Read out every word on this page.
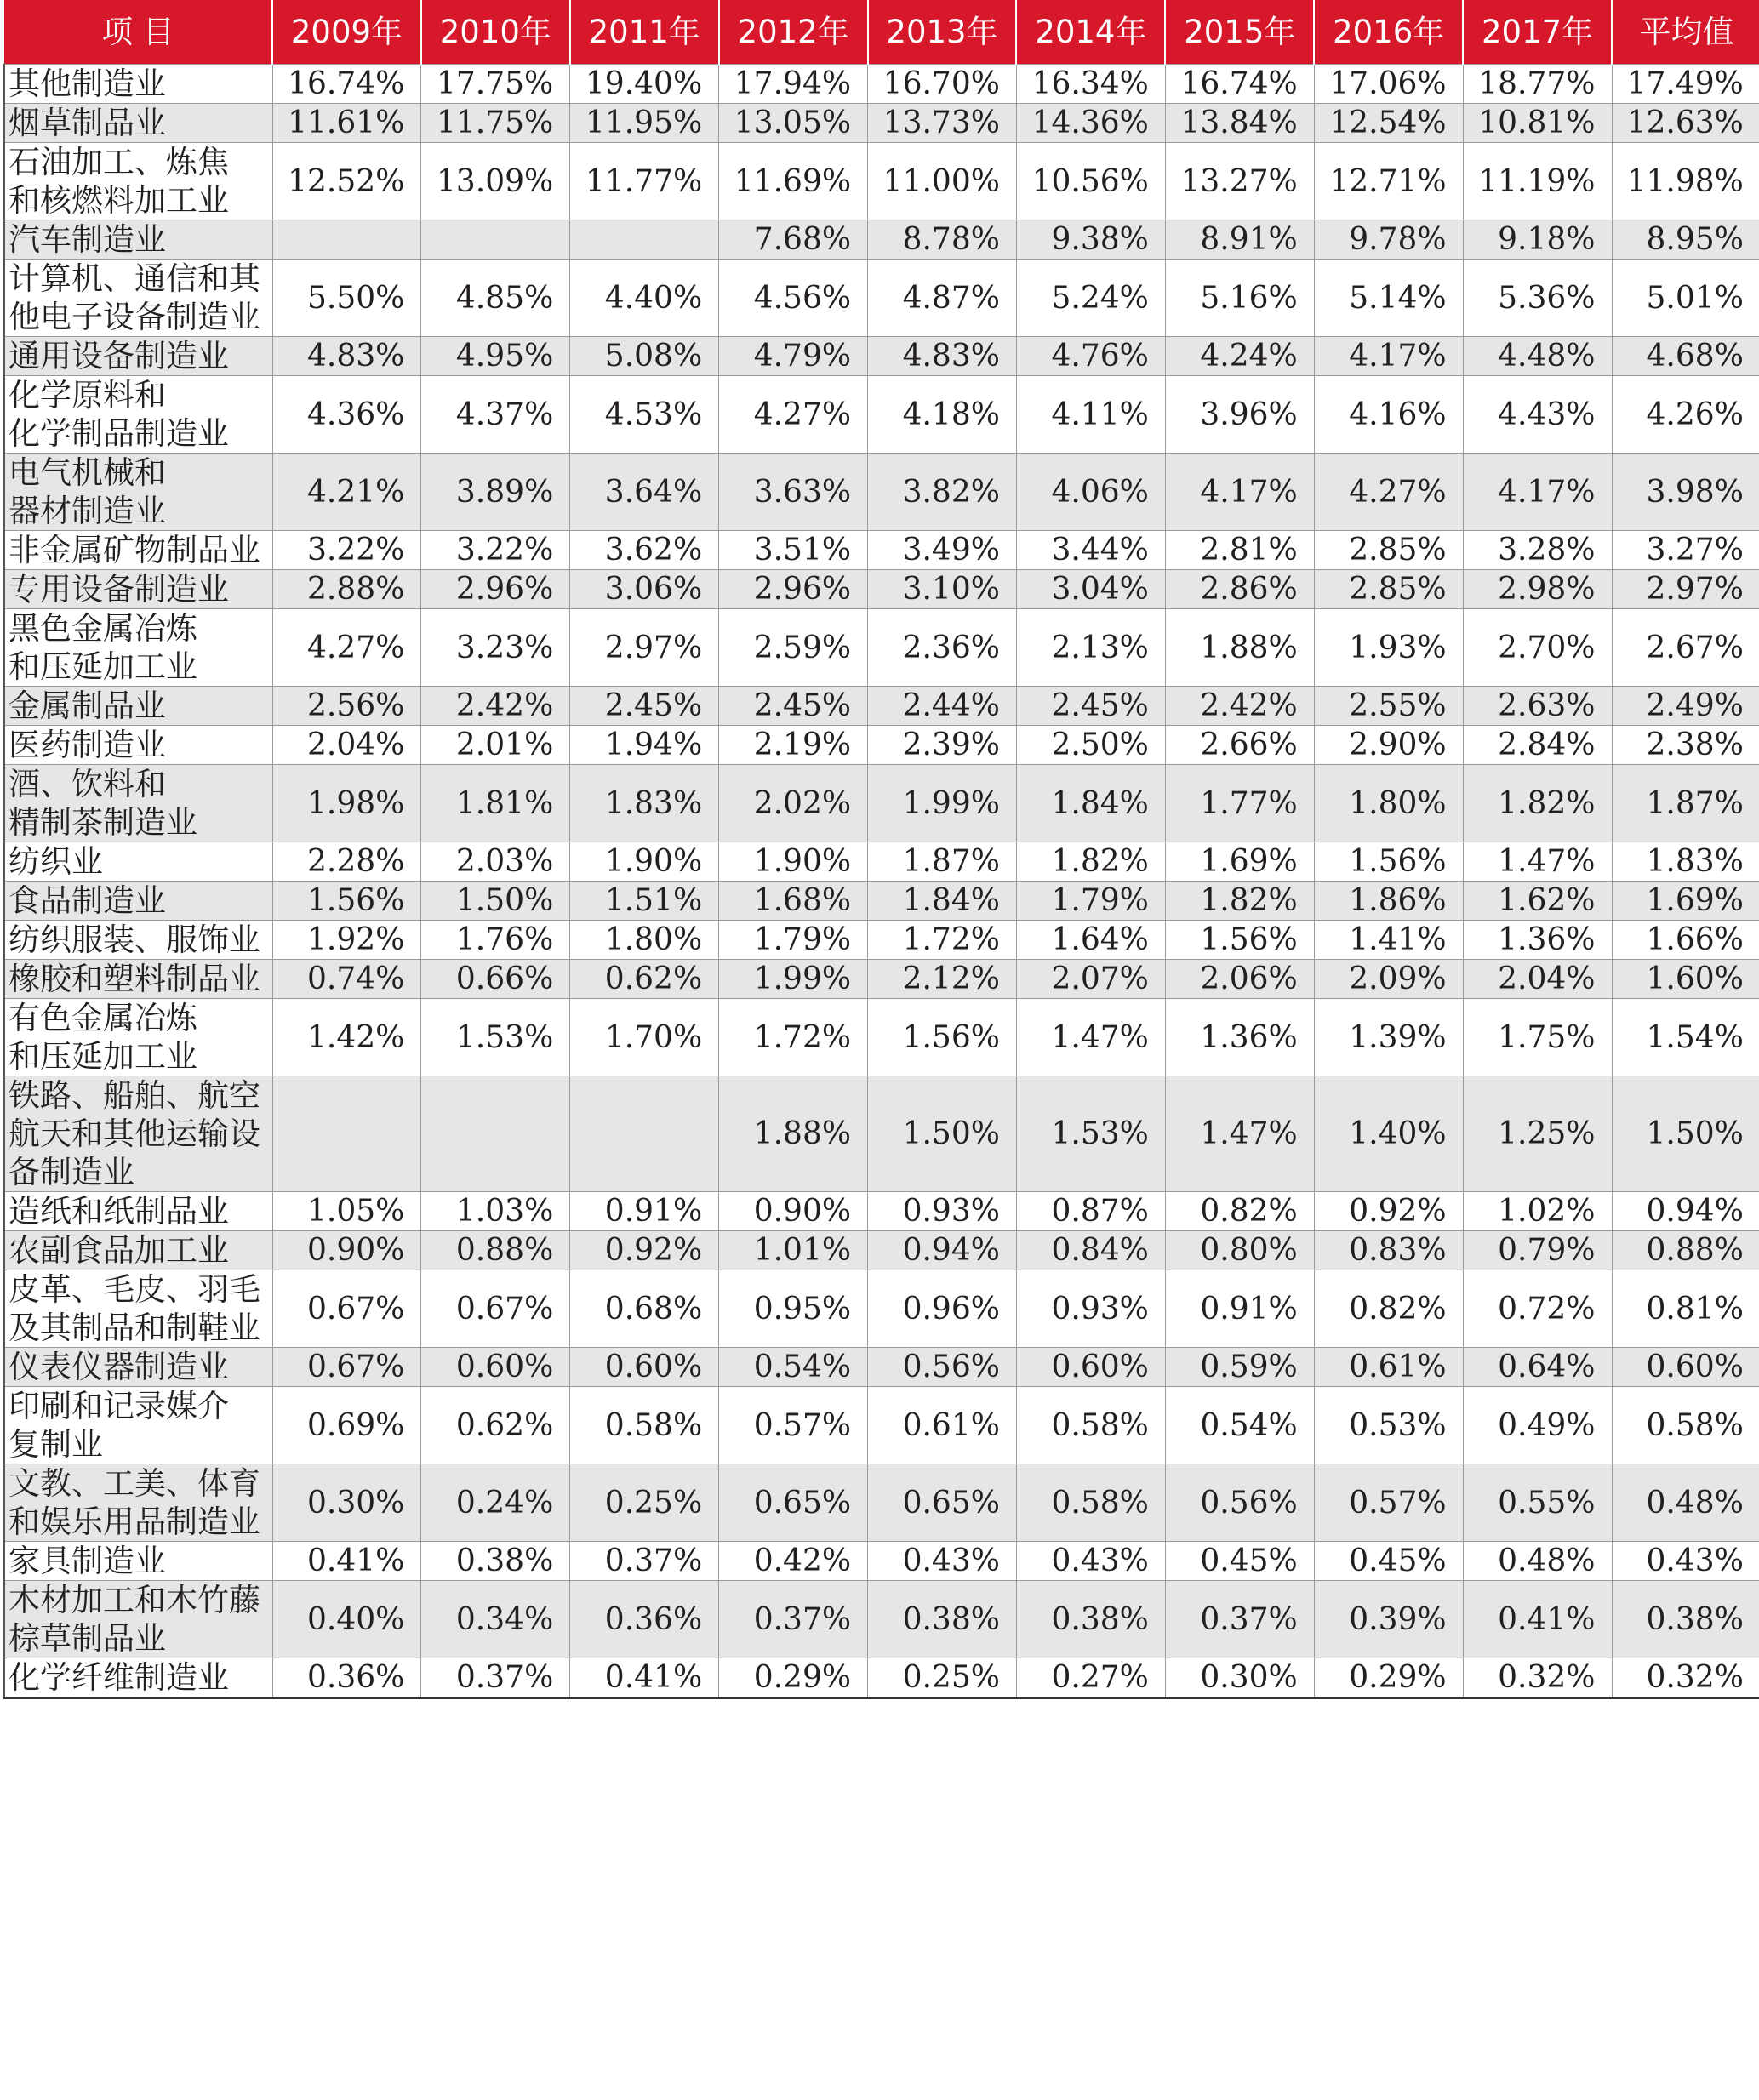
项 目	2009年	2010年	2011年	2012年	2013年	2014年	2015年	2016年	2017年	平均值
其他制造业	16.74%	17.75%	19.40%	17.94%	16.70%	16.34%	16.74%	17.06%	18.77%	17.49%
烟草制品业	11.61%	11.75%	11.95%	13.05%	13.73%	14.36%	13.84%	12.54%	10.81%	12.63%
石油加工、炼焦
和核燃料加工业	12.52%	13.09%	11.77%	11.69%	11.00%	10.56%	13.27%	12.71%	11.19%	11.98%
汽车制造业				7.68%	8.78%	9.38%	8.91%	9.78%	9.18%	8.95%
计算机、通信和其
他电子设备制造业	5.50%	4.85%	4.40%	4.56%	4.87%	5.24%	5.16%	5.14%	5.36%	5.01%
通用设备制造业	4.83%	4.95%	5.08%	4.79%	4.83%	4.76%	4.24%	4.17%	4.48%	4.68%
化学原料和
化学制品制造业	4.36%	4.37%	4.53%	4.27%	4.18%	4.11%	3.96%	4.16%	4.43%	4.26%
电气机械和
器材制造业	4.21%	3.89%	3.64%	3.63%	3.82%	4.06%	4.17%	4.27%	4.17%	3.98%
非金属矿物制品业	3.22%	3.22%	3.62%	3.51%	3.49%	3.44%	2.81%	2.85%	3.28%	3.27%
专用设备制造业	2.88%	2.96%	3.06%	2.96%	3.10%	3.04%	2.86%	2.85%	2.98%	2.97%
黑色金属冶炼
和压延加工业	4.27%	3.23%	2.97%	2.59%	2.36%	2.13%	1.88%	1.93%	2.70%	2.67%
金属制品业	2.56%	2.42%	2.45%	2.45%	2.44%	2.45%	2.42%	2.55%	2.63%	2.49%
医药制造业	2.04%	2.01%	1.94%	2.19%	2.39%	2.50%	2.66%	2.90%	2.84%	2.38%
酒、饮料和
精制茶制造业	1.98%	1.81%	1.83%	2.02%	1.99%	1.84%	1.77%	1.80%	1.82%	1.87%
纺织业	2.28%	2.03%	1.90%	1.90%	1.87%	1.82%	1.69%	1.56%	1.47%	1.83%
食品制造业	1.56%	1.50%	1.51%	1.68%	1.84%	1.79%	1.82%	1.86%	1.62%	1.69%
纺织服装、服饰业	1.92%	1.76%	1.80%	1.79%	1.72%	1.64%	1.56%	1.41%	1.36%	1.66%
橡胶和塑料制品业	0.74%	0.66%	0.62%	1.99%	2.12%	2.07%	2.06%	2.09%	2.04%	1.60%
有色金属冶炼
和压延加工业	1.42%	1.53%	1.70%	1.72%	1.56%	1.47%	1.36%	1.39%	1.75%	1.54%
铁路、船舶、航空
航天和其他运输设
备制造业				1.88%	1.50%	1.53%	1.47%	1.40%	1.25%	1.50%
造纸和纸制品业	1.05%	1.03%	0.91%	0.90%	0.93%	0.87%	0.82%	0.92%	1.02%	0.94%
农副食品加工业	0.90%	0.88%	0.92%	1.01%	0.94%	0.84%	0.80%	0.83%	0.79%	0.88%
皮革、毛皮、羽毛
及其制品和制鞋业	0.67%	0.67%	0.68%	0.95%	0.96%	0.93%	0.91%	0.82%	0.72%	0.81%
仪表仪器制造业	0.67%	0.60%	0.60%	0.54%	0.56%	0.60%	0.59%	0.61%	0.64%	0.60%
印刷和记录媒介
复制业	0.69%	0.62%	0.58%	0.57%	0.61%	0.58%	0.54%	0.53%	0.49%	0.58%
文教、工美、体育
和娱乐用品制造业	0.30%	0.24%	0.25%	0.65%	0.65%	0.58%	0.56%	0.57%	0.55%	0.48%
家具制造业	0.41%	0.38%	0.37%	0.42%	0.43%	0.43%	0.45%	0.45%	0.48%	0.43%
木材加工和木竹藤
棕草制品业	0.40%	0.34%	0.36%	0.37%	0.38%	0.38%	0.37%	0.39%	0.41%	0.38%
化学纤维制造业	0.36%	0.37%	0.41%	0.29%	0.25%	0.27%	0.30%	0.29%	0.32%	0.32%
